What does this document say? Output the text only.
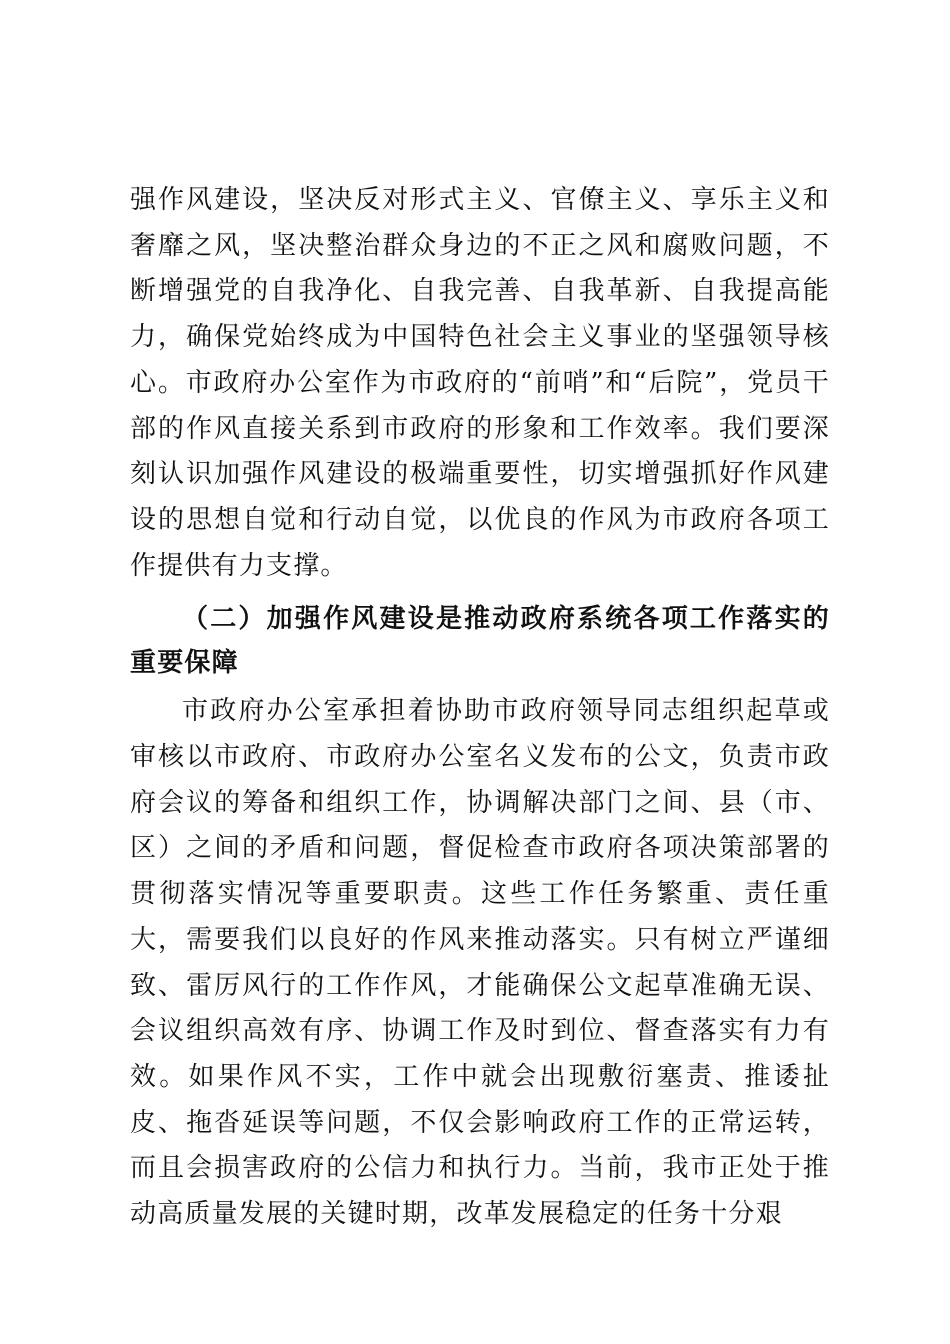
强作风建设，坚决反对形式主义、官僚主义、享乐主义和奢靡之风，坚决整治群众身边的不正之风和腐败问题，不断增强党的自我净化、自我完善、自我革新、自我提高能力，确保党始终成为中国特色社会主义事业的坚强领导核心。市政府办公室作为市政府的“前哨”和“后院”，党员干部的作风直接关系到市政府的形象和工作效率。我们要深刻认识加强作风建设的极端重要性，切实增强抓好作风建设的思想自觉和行动自觉，以优良的作风为市政府各项工作提供有力支撑。

（二）加强作风建设是推动政府系统各项工作落实的重要保障

市政府办公室承担着协助市政府领导同志组织起草或审核以市政府、市政府办公室名义发布的公文，负责市政府会议的筹备和组织工作，协调解决部门之间、县（市、区）之间的矛盾和问题，督促检查市政府各项决策部署的贯彻落实情况等重要职责。这些工作任务繁重、责任重大，需要我们以良好的作风来推动落实。只有树立严谨细致、雷厉风行的工作作风，才能确保公文起草准确无误、会议组织高效有序、协调工作及时到位、督查落实有力有效。如果作风不实，工作中就会出现敷衍塞责、推诿扯皮、拖沓延误等问题，不仅会影响政府工作的正常运转，而且会损害政府的公信力和执行力。当前，我市正处于推动高质量发展的关键时期，改革发展稳定的任务十分艰
